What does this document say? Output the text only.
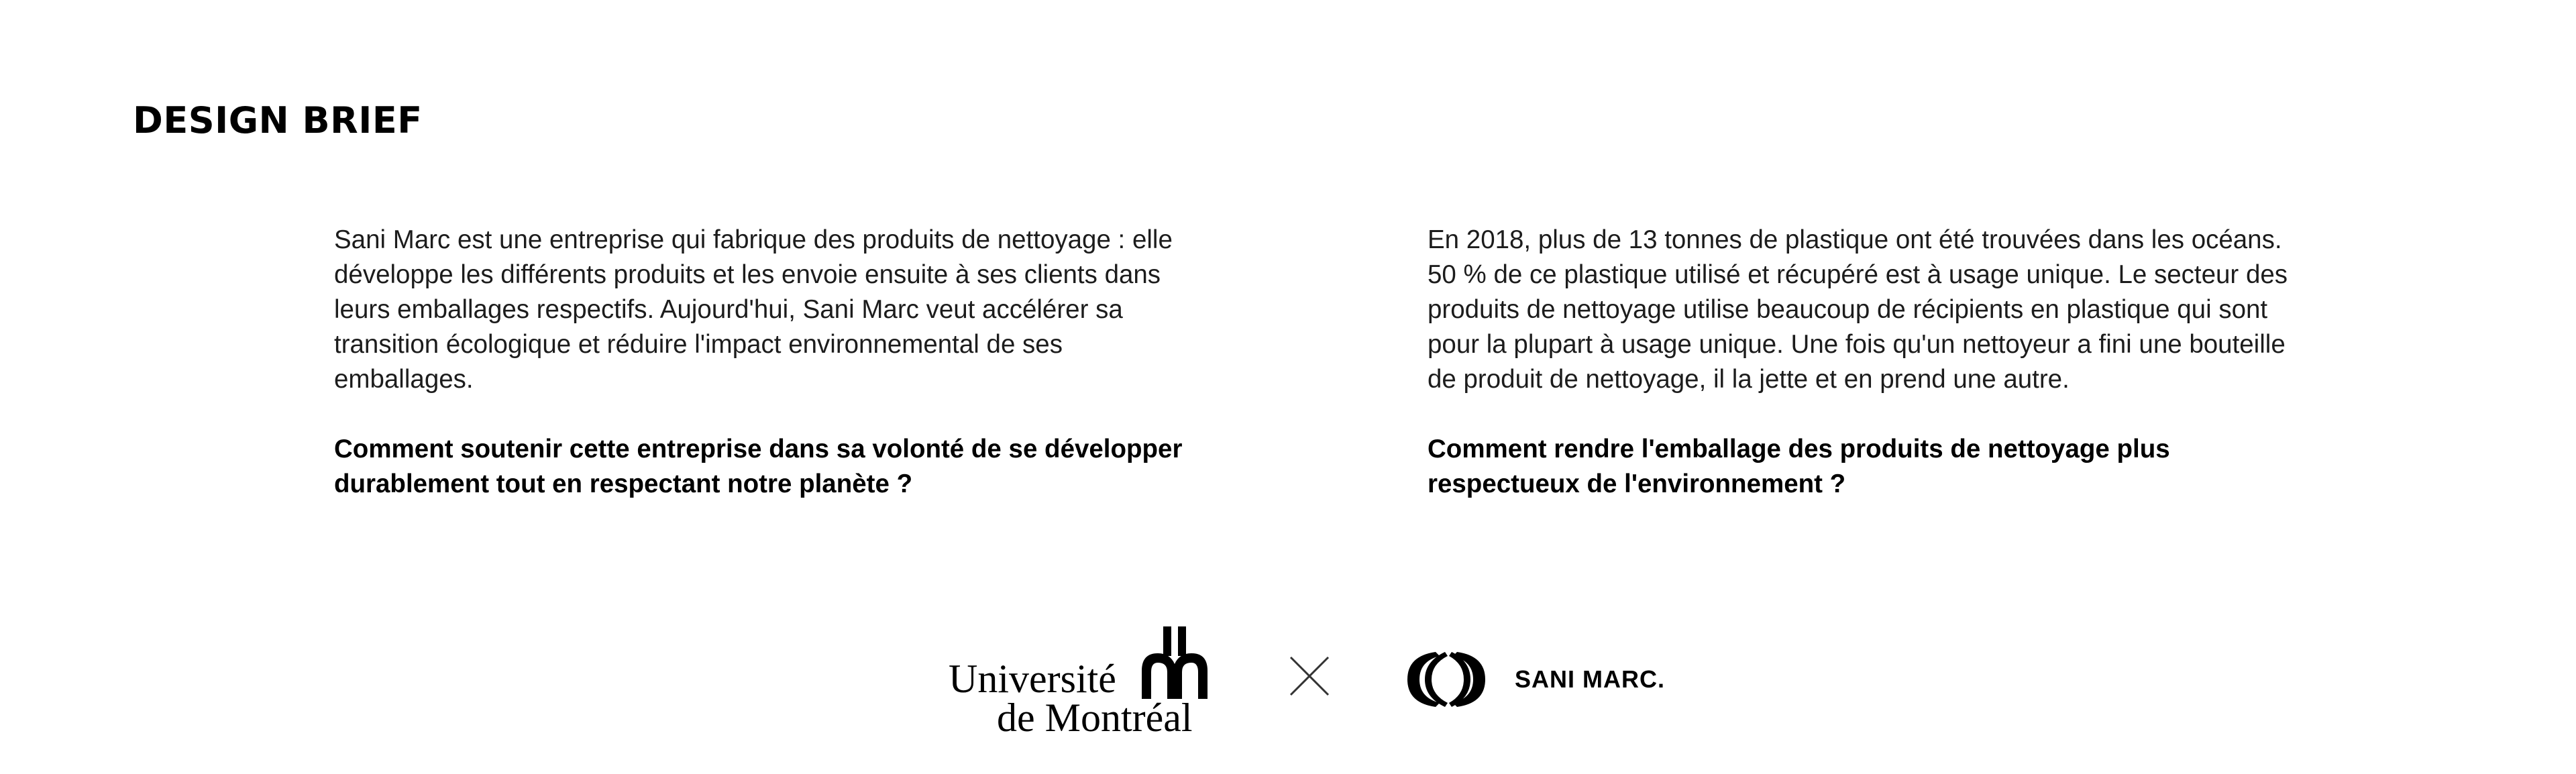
DESIGN BRIEF

Sani Marc est une entreprise qui fabrique des produits de nettoyage : elle développe les différents produits et les envoie ensuite à ses clients dans leurs emballages respectifs. Aujourd'hui, Sani Marc veut accélérer sa transition écologique et réduire l'impact environnemental de ses emballages.

Comment soutenir cette entreprise dans sa volonté de se développer durablement tout en respectant notre planète ?

En 2018, plus de 13 tonnes de plastique ont été trouvées dans les océans. 50 % de ce plastique utilisé et récupéré est à usage unique. Le secteur des produits de nettoyage utilise beaucoup de récipients en plastique qui sont pour la plupart à usage unique. Une fois qu'un nettoyeur a fini une bouteille de produit de nettoyage, il la jette et en prend une autre.

Comment rendre l'emballage des produits de nettoyage plus respectueux de l'environnement ?

Université
de Montréal
SANI MARC.
